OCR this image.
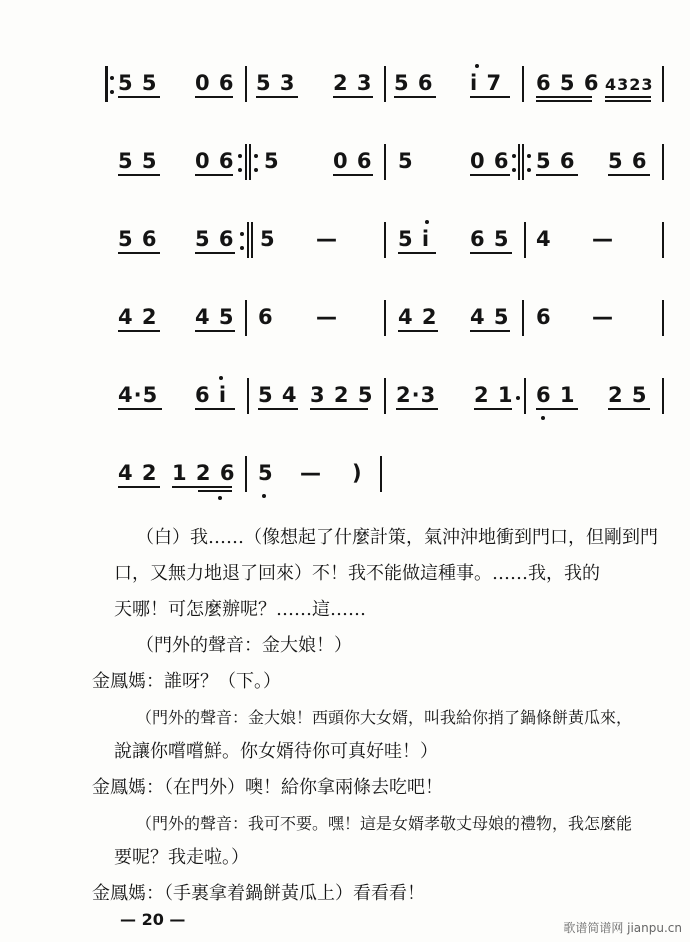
5 5 0 6 5 3 2 3 5 6 i 7 6 5 6 4323
5 5 0 6 5	0 6 5	0 6 5 6 5 6
5 6 5 6 5 —	5 i 6 5 4 —
4 2 4 5 6 —	4 2 4 5 6 —
4·5 6 i 5 4 3 2 5 2·3 2 1 6 1 2 5
4 2 1 2 6 5 — )
（白）我……（像想起了什麼計策，氣沖沖地衝到門口，但剛到門
口，又無力地退了回來）不！我不能做這種事。……我，我的
天哪！可怎麼辦呢？……這……
（門外的聲音：金大娘！）
金鳳媽：誰呀？（下。）
（門外的聲音：金大娘！西頭你大女婿，叫我給你捎了鍋條餅黃瓜來，
說讓你嚐嚐鮮。你女婿待你可真好哇！）
金鳳媽：（在門外）噢！給你拿兩條去吃吧！
（門外的聲音：我可不要。嘿！這是女婿孝敬丈母娘的禮物，我怎麼能
要呢？我走啦。）
金鳳媽：（手裏拿着鍋餅黃瓜上）看看看！
— 20 —	歌谱简谱网 jianpu.cn
